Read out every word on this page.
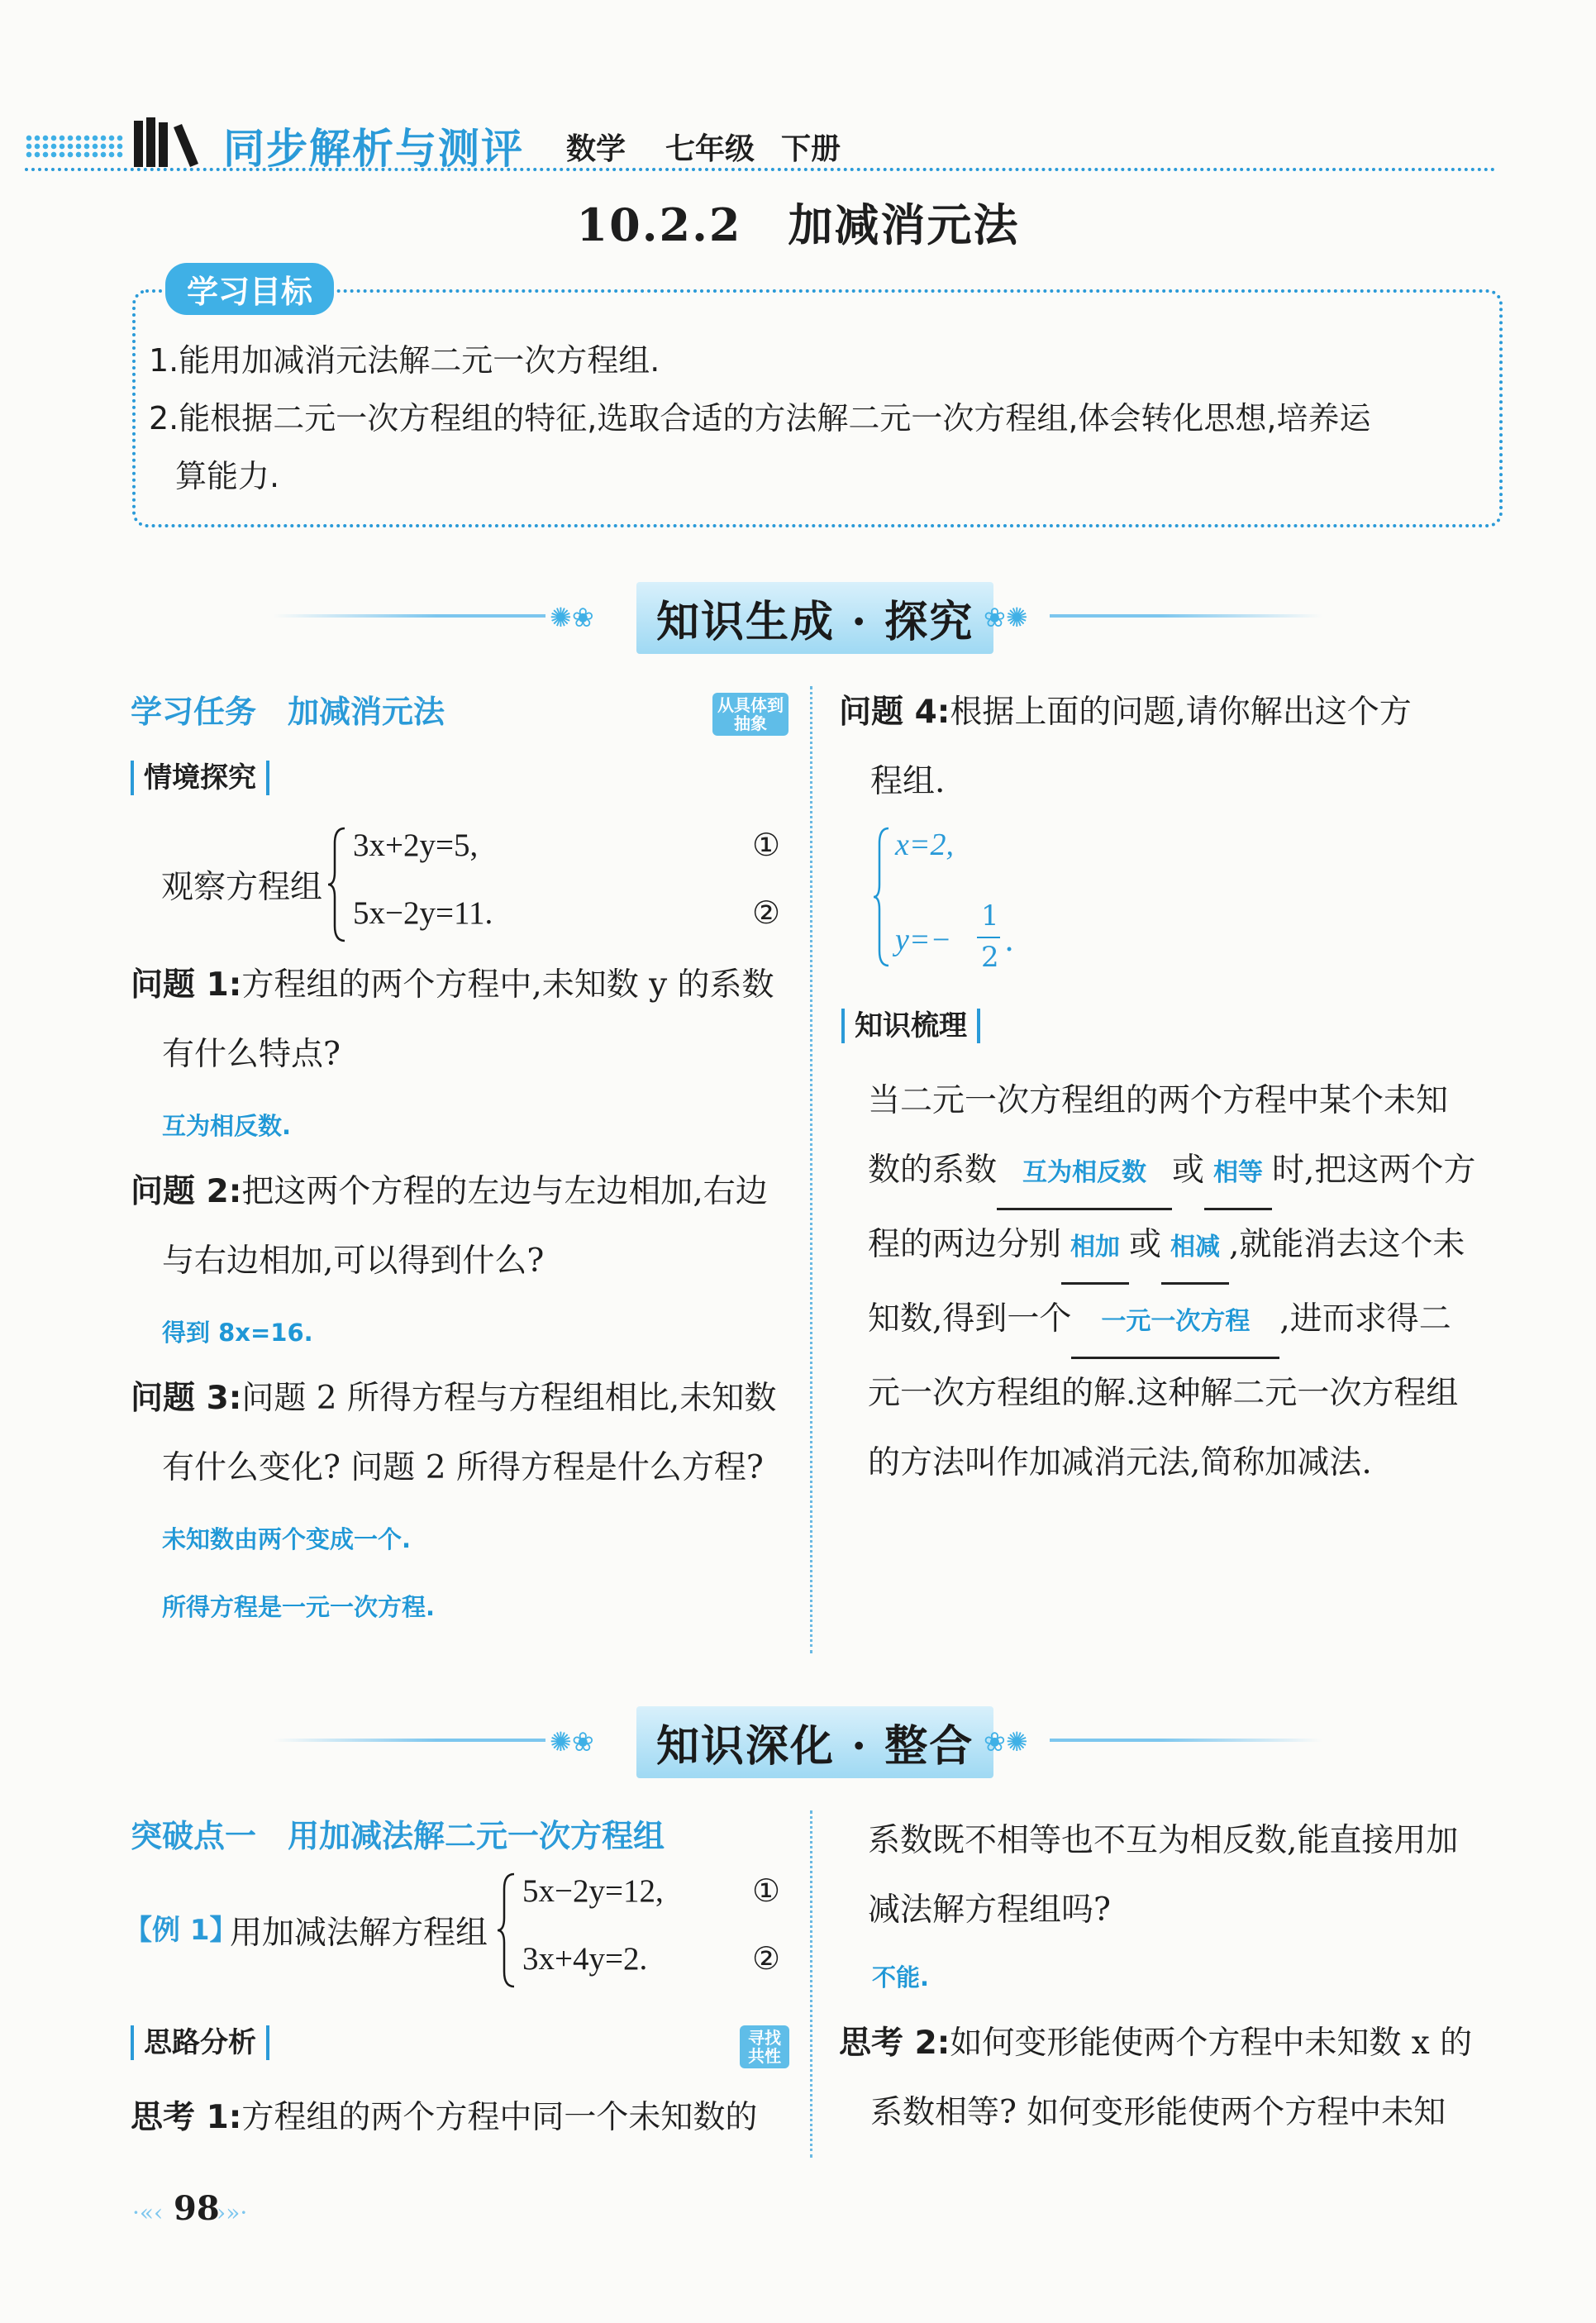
同步解析与测评 数学 七年级 下册
10.2.2　加减消元法
学习目标
1.能用加减消元法解二元一次方程组.
2.能根据二元一次方程组的特征,选取合适的方法解二元一次方程组,体会转化思想,培养运
算能力.
✺❀	知识生成 · 探究 ❀✺
学习任务　加减消元法	从具体到抽象
情境探究
观察方程组
3x+2y=5,
5x−2y=11.
①
②
问题 1:方程组的两个方程中,未知数 y 的系数
有什么特点?
互为相反数.
问题 2:把这两个方程的左边与左边相加,右边
与右边相加,可以得到什么?
得到 8x=16.
问题 3:问题 2 所得方程与方程组相比,未知数
有什么变化? 问题 2 所得方程是什么方程?
未知数由两个变成一个.
所得方程是一元一次方程.
问题 4:根据上面的问题,请你解出这个方
程组.
x=2,
y=−
1
2 .
知识梳理
当二元一次方程组的两个方程中某个未知
数的系数 互为相反数 或 相等 时,把这两个方
程的两边分别 相加 或 相减 ,就能消去这个未
知数,得到一个 一元一次方程 ,进而求得二
元一次方程组的解.这种解二元一次方程组
的方法叫作加减消元法,简称加减法.
✺❀	知识深化 · 整合 ❀✺
突破点一　用加减法解二元一次方程组
【例 1】
用加减法解方程组
5x−2y=12,
3x+4y=2.
①
②
思路分析	寻找共性
思考 1:方程组的两个方程中同一个未知数的
系数既不相等也不互为相反数,能直接用加
减法解方程组吗?
不能.
思考 2:如何变形能使两个方程中未知数 x 的
系数相等? 如何变形能使两个方程中未知
·«‹ 98
›»·
